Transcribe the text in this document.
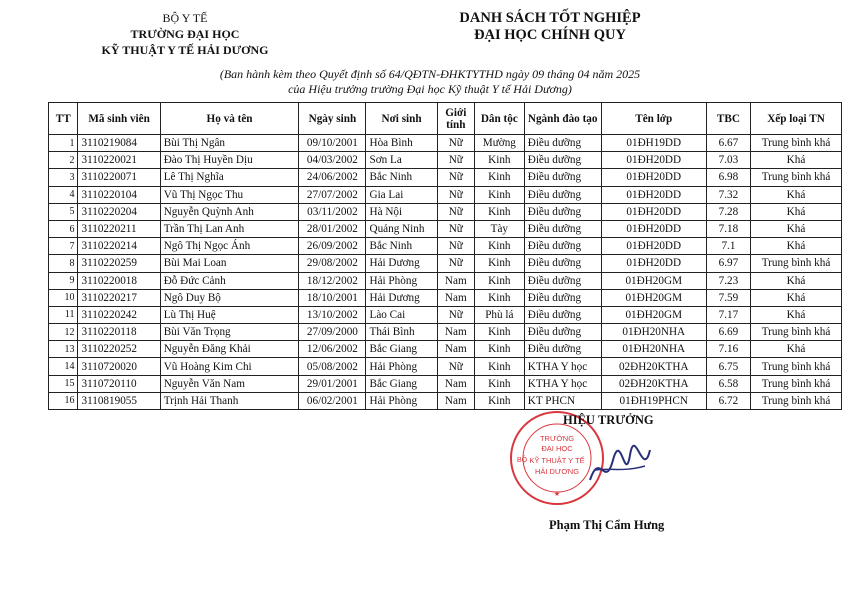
BỘ Y TẾ
TRƯỜNG ĐẠI HỌC
KỸ THUẬT Y TẾ HẢI DƯƠNG
DANH SÁCH TỐT NGHIỆP
ĐẠI HỌC CHÍNH QUY
(Ban hành kèm theo Quyết định số 64/QĐTN-ĐHKTYTHD ngày 09 tháng 04 năm 2025
của Hiệu trưởng trường Đại học Kỹ thuật Y tế Hải Dương)
TT	Mã sinh viên	Họ và tên	Ngày sinh	Nơi sinh	Giới tính	Dân tộc	Ngành đào tạo	Tên lớp	TBC	Xếp loại TN
1	3110219084	Bùi Thị Ngân	09/10/2001	Hòa Bình	Nữ	Mường	Điều dưỡng	01ĐH19DD	6.67	Trung bình khá
2	3110220021	Đào Thị Huyền Dịu	04/03/2002	Sơn La	Nữ	Kinh	Điều dưỡng	01ĐH20DD	7.03	Khá
3	3110220071	Lê Thị Nghĩa	24/06/2002	Bắc Ninh	Nữ	Kinh	Điều dưỡng	01ĐH20DD	6.98	Trung bình khá
4	3110220104	Vũ Thị Ngọc Thu	27/07/2002	Gia Lai	Nữ	Kinh	Điều dưỡng	01ĐH20DD	7.32	Khá
5	3110220204	Nguyễn Quỳnh Anh	03/11/2002	Hà Nội	Nữ	Kinh	Điều dưỡng	01ĐH20DD	7.28	Khá
6	3110220211	Trần Thị Lan Anh	28/01/2002	Quảng Ninh	Nữ	Tày	Điều dưỡng	01ĐH20DD	7.18	Khá
7	3110220214	Ngô Thị Ngọc Ánh	26/09/2002	Bắc Ninh	Nữ	Kinh	Điều dưỡng	01ĐH20DD	7.1	Khá
8	3110220259	Bùi Mai Loan	29/08/2002	Hải Dương	Nữ	Kinh	Điều dưỡng	01ĐH20DD	6.97	Trung bình khá
9	3110220018	Đỗ Đức Cảnh	18/12/2002	Hải Phòng	Nam	Kinh	Điều dưỡng	01ĐH20GM	7.23	Khá
10	3110220217	Ngô Duy Bộ	18/10/2001	Hải Dương	Nam	Kinh	Điều dưỡng	01ĐH20GM	7.59	Khá
11	3110220242	Lù Thị Huệ	13/10/2002	Lào Cai	Nữ	Phù lá	Điều dưỡng	01ĐH20GM	7.17	Khá
12	3110220118	Bùi Văn Trọng	27/09/2000	Thái Bình	Nam	Kinh	Điều dưỡng	01ĐH20NHA	6.69	Trung bình khá
13	3110220252	Nguyễn Đăng Khải	12/06/2002	Bắc Giang	Nam	Kinh	Điều dưỡng	01ĐH20NHA	7.16	Khá
14	3110720020	Vũ Hoàng Kim Chi	05/08/2002	Hải Phòng	Nữ	Kinh	KTHA Y học	02ĐH20KTHA	6.75	Trung bình khá
15	3110720110	Nguyễn Văn Nam	29/01/2001	Bắc Giang	Nam	Kinh	KTHA Y học	02ĐH20KTHA	6.58	Trung bình khá
16	3110819055	Trịnh Hải Thanh	06/02/2001	Hải Phòng	Nam	Kinh	KT PHCN	01ĐH19PHCN	6.72	Trung bình khá
BỘ
TRƯỜNG
ĐẠI HỌC
KỸ THUẬT Y TẾ
HẢI DƯƠNG
★
HIỆU TRƯỞNG
Phạm Thị Cẩm Hưng
